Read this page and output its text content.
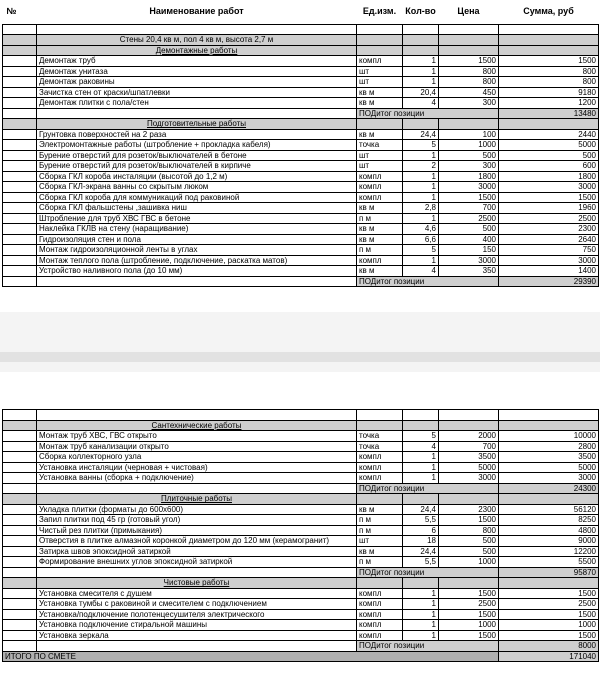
№	Наименование работ	Ед.изм.	Кол-во	Цена	Сумма, руб

	Стены 20,4 кв м, пол 4 кв м, высота 2,7 м				
	Демонтажные работы				
	Демонтаж труб	компл	1	1500	1500
	Демонтаж унитаза	шт	1	800	800
	Демонтаж раковины	шт	1	800	800
	Зачистка стен от краски/шпатлевки	кв м	20,4	450	9180
	Демонтаж плитки с пола/стен	кв м	4	300	1200
		ПОДитог позиции			13480
	Подготовительные работы				
	Грунтовка поверхностей на 2 раза	кв м	24,4	100	2440
	Электромонтажные работы (штробление + прокладка кабеля)	точка	5	1000	5000
	Бурение отверстий для розеток/выключателей в бетоне	шт	1	500	500
	Бурение отверстий для розеток/выключателей в кирпиче	шт	2	300	600
	Сборка ГКЛ короба инсталяции (высотой до 1,2 м)	компл	1	1800	1800
	Сборка ГКЛ-экрана ванны со скрытым люком	компл	1	3000	3000
	Сборка ГКЛ короба для коммуникаций под раковиной	компл	1	1500	1500
	Сборка ГКЛ фальшстены ,зашивка ниш	кв м	2,8	700	1960
	Штробление для труб ХВС ГВС в бетоне	п м	1	2500	2500
	Наклейка ГКЛВ на стену (наращивание)	кв м	4,6	500	2300
	Гидроизоляция стен и пола	кв м	6,6	400	2640
	Монтаж гидроизоляционной ленты в углах	п м	5	150	750
	Монтаж теплого пола (штробление, подключение, раскатка матов)	компл	1	3000	3000
	Устройство наливного пола (до 10 мм)	кв м	4	350	1400
		ПОДитог позиции			29390

	Сантехнические работы				
	Монтаж труб ХВС, ГВС открыто	точка	5	2000	10000
	Монтаж труб канализации открыто	точка	4	700	2800
	Сборка коллекторного узла	компл	1	3500	3500
	Установка инсталяции (черновая + чистовая)	компл	1	5000	5000
	Установка ванны (сборка + подключение)	компл	1	3000	3000
		ПОДитог позиции			24300
	Плиточные работы				
	Укладка плитки (форматы до 600х600)	кв м	24,4	2300	56120
	Запил плитки под 45 гр (готовый угол)	п м	5,5	1500	8250
	Чистый рез плитки (примыкания)	п м	6	800	4800
	Отверстия в плитке алмазной коронкой диаметром до 120 мм (керамогранит)	шт	18	500	9000
	Затирка швов эпоксидной затиркой	кв м	24,4	500	12200
	Формирование внешних углов эпоксидной затиркой	п м	5,5	1000	5500
		ПОДитог позиции			95870
	Чистовые работы				
	Установка смесителя с душем	компл	1	1500	1500
	Установка тумбы с раковиной и смесителем с подключением	компл	1	2500	2500
	Установка/подключение полотенцесушителя электрического	компл	1	1500	1500
	Установка подключение стиральной машины	компл	1	1000	1000
	Установка зеркала	компл	1	1500	1500
		ПОДитог позиции			8000
ИТОГО ПО СМЕТЕ					171040
